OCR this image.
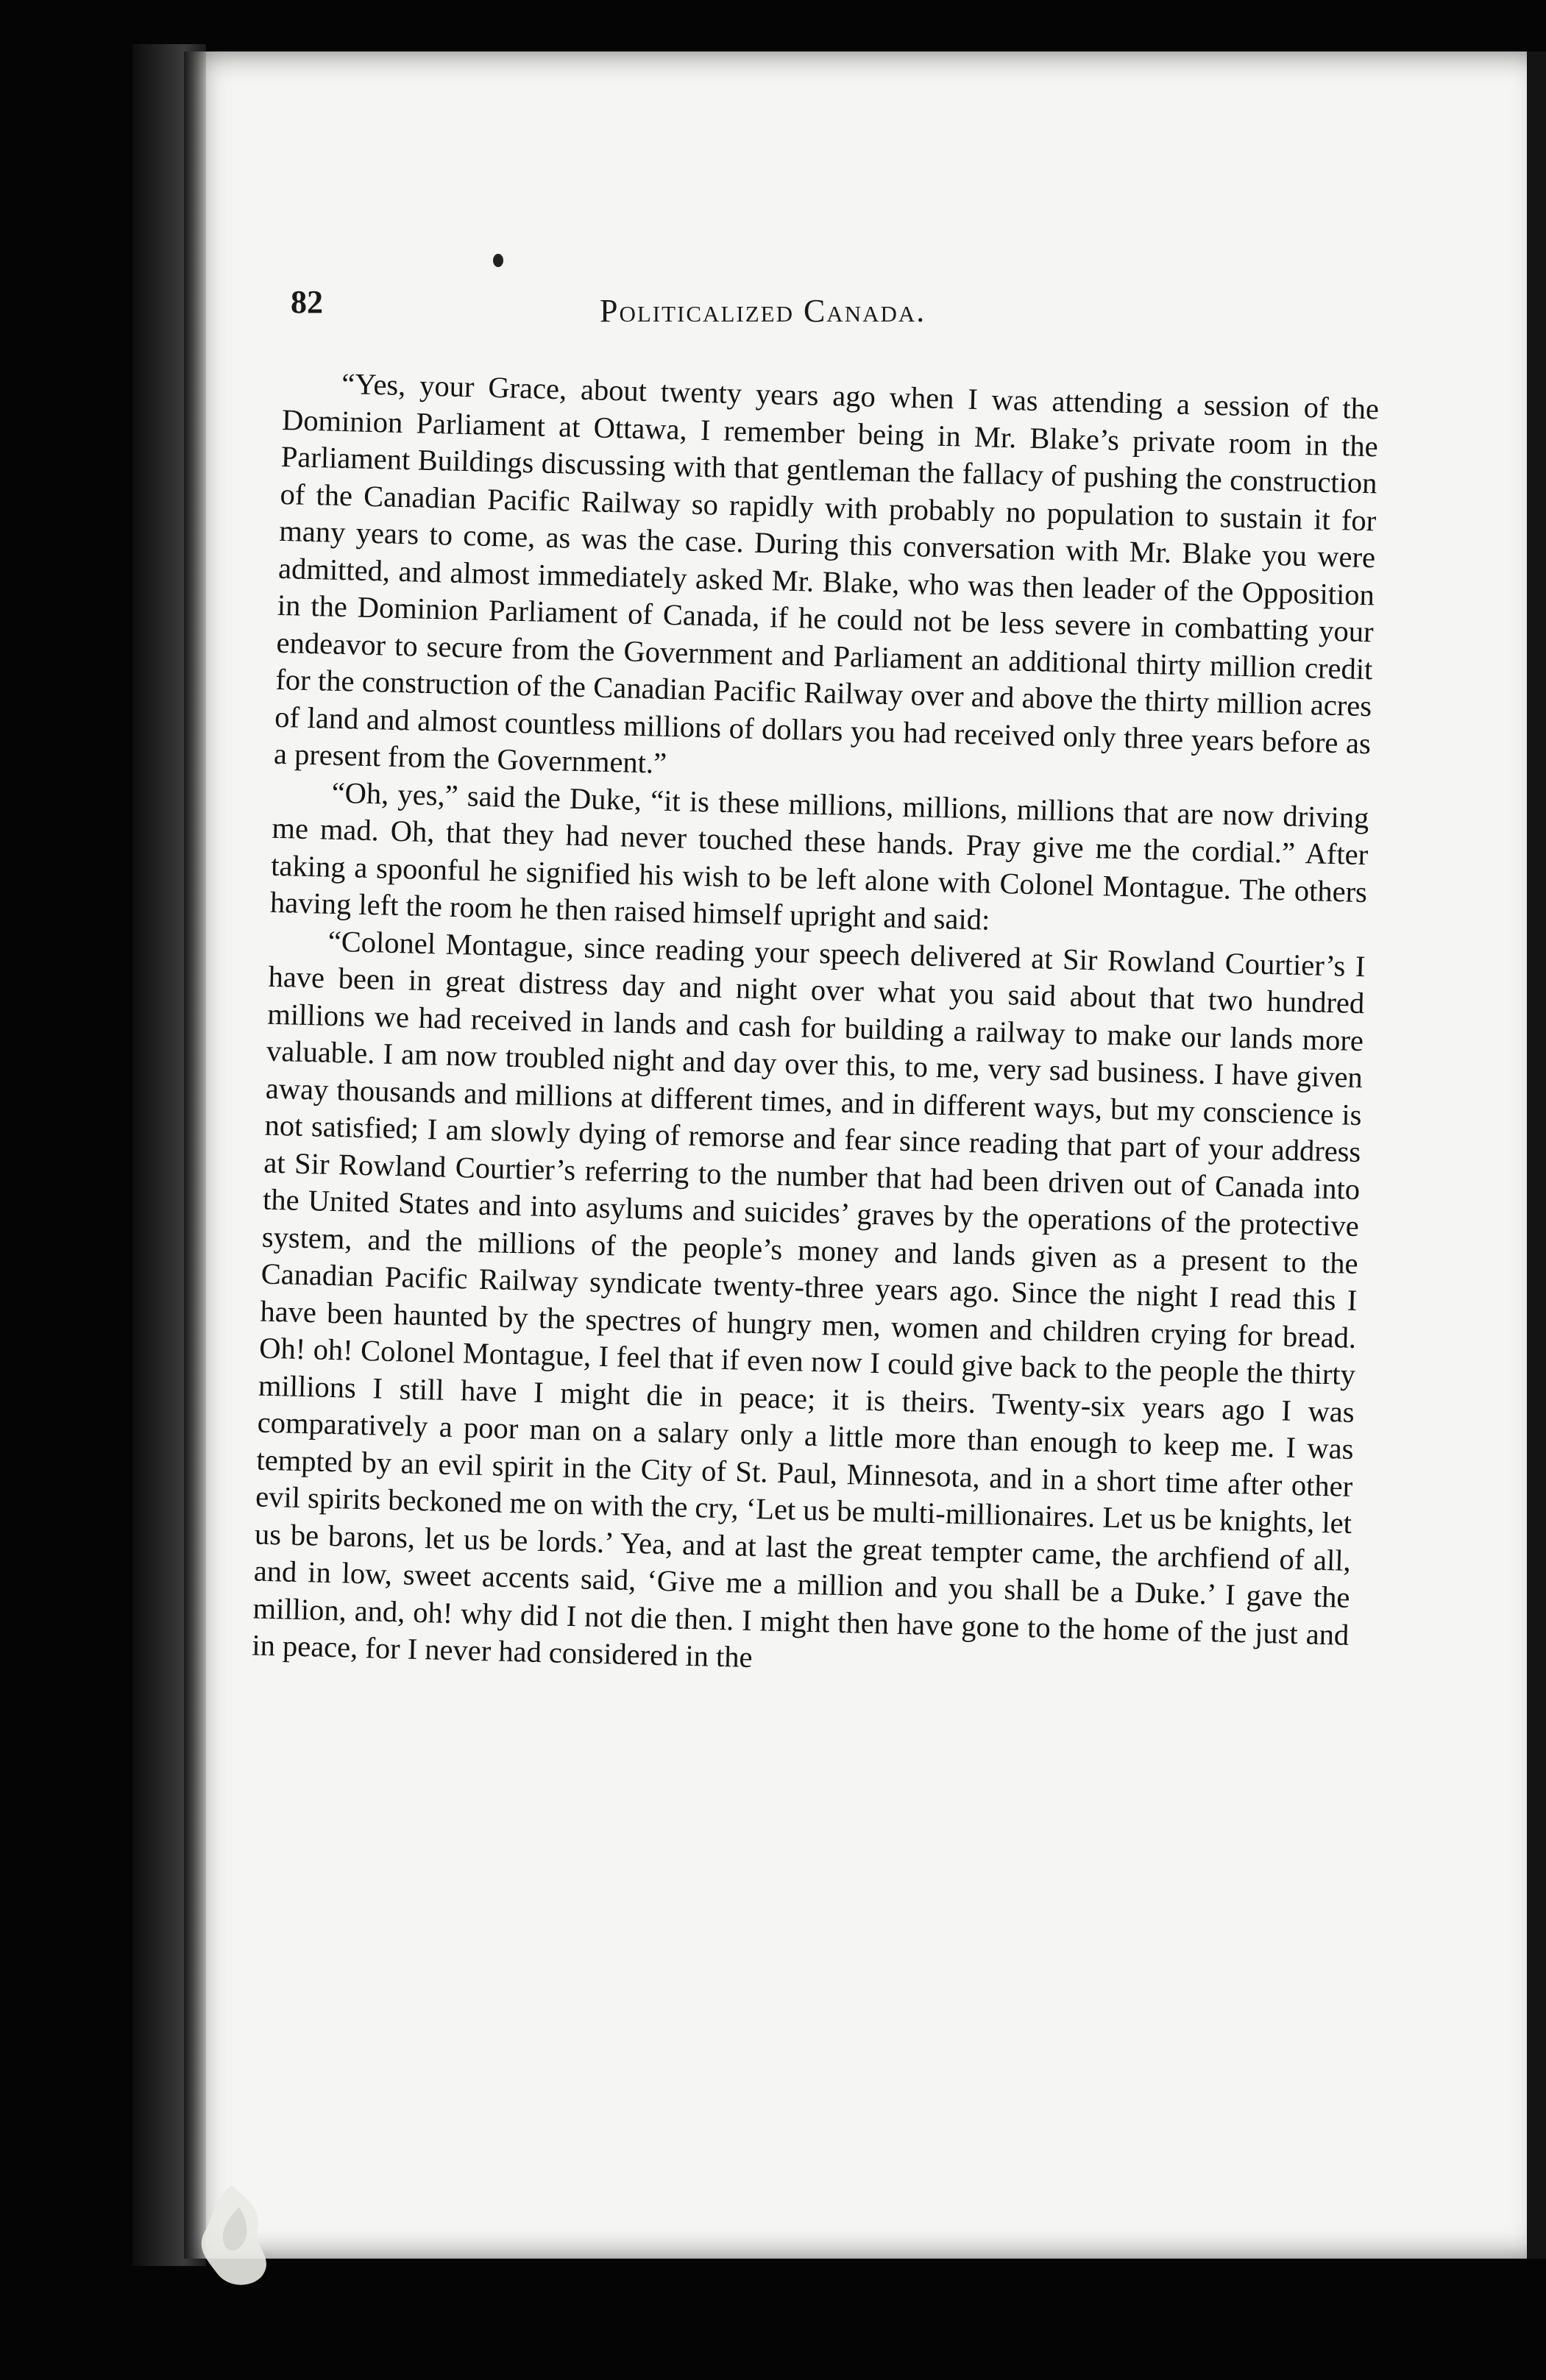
82	Politicalized Canada.

“Yes, your Grace, about twenty years ago when I was attending a session of the Dominion Parliament at Ottawa, I remember being in Mr. Blake’s private room in the Parliament Buildings discussing with that gentleman the fallacy of pushing the construction of the Canadian Pacific Railway so rapidly with probably no population to sustain it for many years to come, as was the case. During this conversation with Mr. Blake you were admitted, and almost immediately asked Mr. Blake, who was then leader of the Opposition in the Dominion Parliament of Canada, if he could not be less severe in combatting your endeavor to secure from the Government and Parliament an additional thirty million credit for the construction of the Canadian Pacific Railway over and above the thirty million acres of land and almost countless millions of dollars you had received only three years before as a present from the Government.”

“Oh, yes,” said the Duke, “it is these millions, millions, millions that are now driving me mad. Oh, that they had never touched these hands. Pray give me the cordial.” After taking a spoonful he signified his wish to be left alone with Colonel Montague. The others having left the room he then raised himself upright and said:

“Colonel Montague, since reading your speech delivered at Sir Rowland Courtier’s I have been in great distress day and night over what you said about that two hundred millions we had received in lands and cash for building a railway to make our lands more valuable. I am now troubled night and day over this, to me, very sad business. I have given away thousands and millions at different times, and in different ways, but my conscience is not satisfied; I am slowly dying of remorse and fear since reading that part of your address at Sir Rowland Courtier’s referring to the number that had been driven out of Canada into the United States and into asylums and suicides’ graves by the operations of the protective system, and the millions of the people’s money and lands given as a present to the Canadian Pacific Railway syndicate twenty-three years ago. Since the night I read this I have been haunted by the spectres of hungry men, women and children crying for bread. Oh! oh! Colonel Montague, I feel that if even now I could give back to the people the thirty millions I still have I might die in peace; it is theirs. Twenty-six years ago I was comparatively a poor man on a salary only a little more than enough to keep me. I was tempted by an evil spirit in the City of St. Paul, Minnesota, and in a short time after other evil spirits beckoned me on with the cry, ‘Let us be multi-millionaires. Let us be knights, let us be barons, let us be lords.’ Yea, and at last the great tempter came, the archfiend of all, and in low, sweet accents said, ‘Give me a million and you shall be a Duke.’ I gave the million, and, oh! why did I not die then. I might then have gone to the home of the just and in peace, for I never had considered in the
